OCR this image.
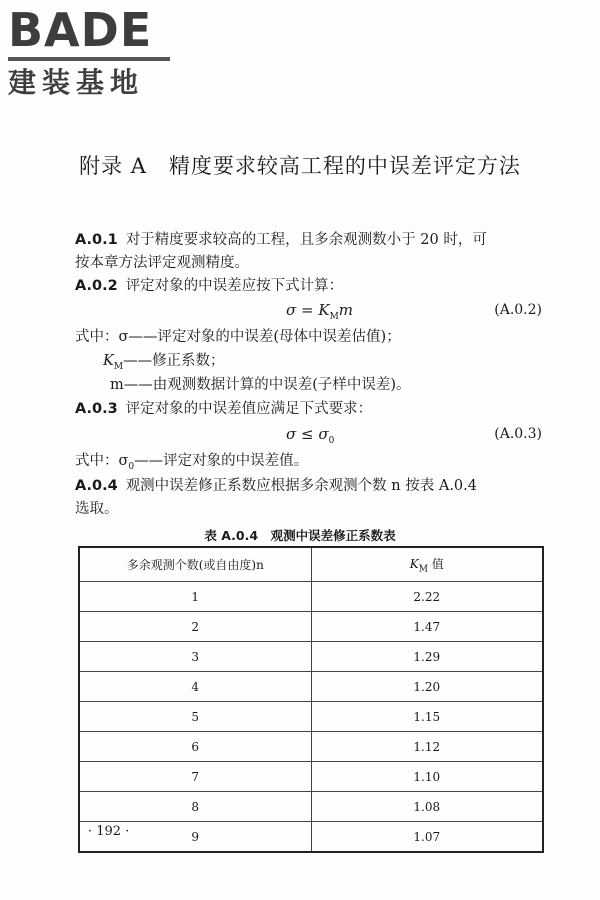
BADE
建装基地
附录 A　精度要求较高工程的中误差评定方法
A.0.1 对于精度要求较高的工程，且多余观测数小于 20 时，可
按本章方法评定观测精度。
A.0.2 评定对象的中误差应按下式计算：
$\sigma = K_Mm$	(A.0.2)
式中：σ——评定对象的中误差(母体中误差估值)；
$K_M——$修正系数；
m——由观测数据计算的中误差(子样中误差)。
A.0.3 评定对象的中误差值应满足下式要求：
$\sigma \le \sigma_0$	(A.0.3)
式中：$\sigma_0——$评定对象的中误差值。
A.0.4 观测中误差修正系数应根据多余观测个数 n 按表 A.0.4
选取。
表 A.0.4　观测中误差修正系数表
多余观测个数(或自由度)n	$K_M$ 值
1	2.22
2	1.47
3	1.29
4	1.20
5	1.15
6	1.12
7	1.10
8	1.08
9	1.07
· 192 ·
